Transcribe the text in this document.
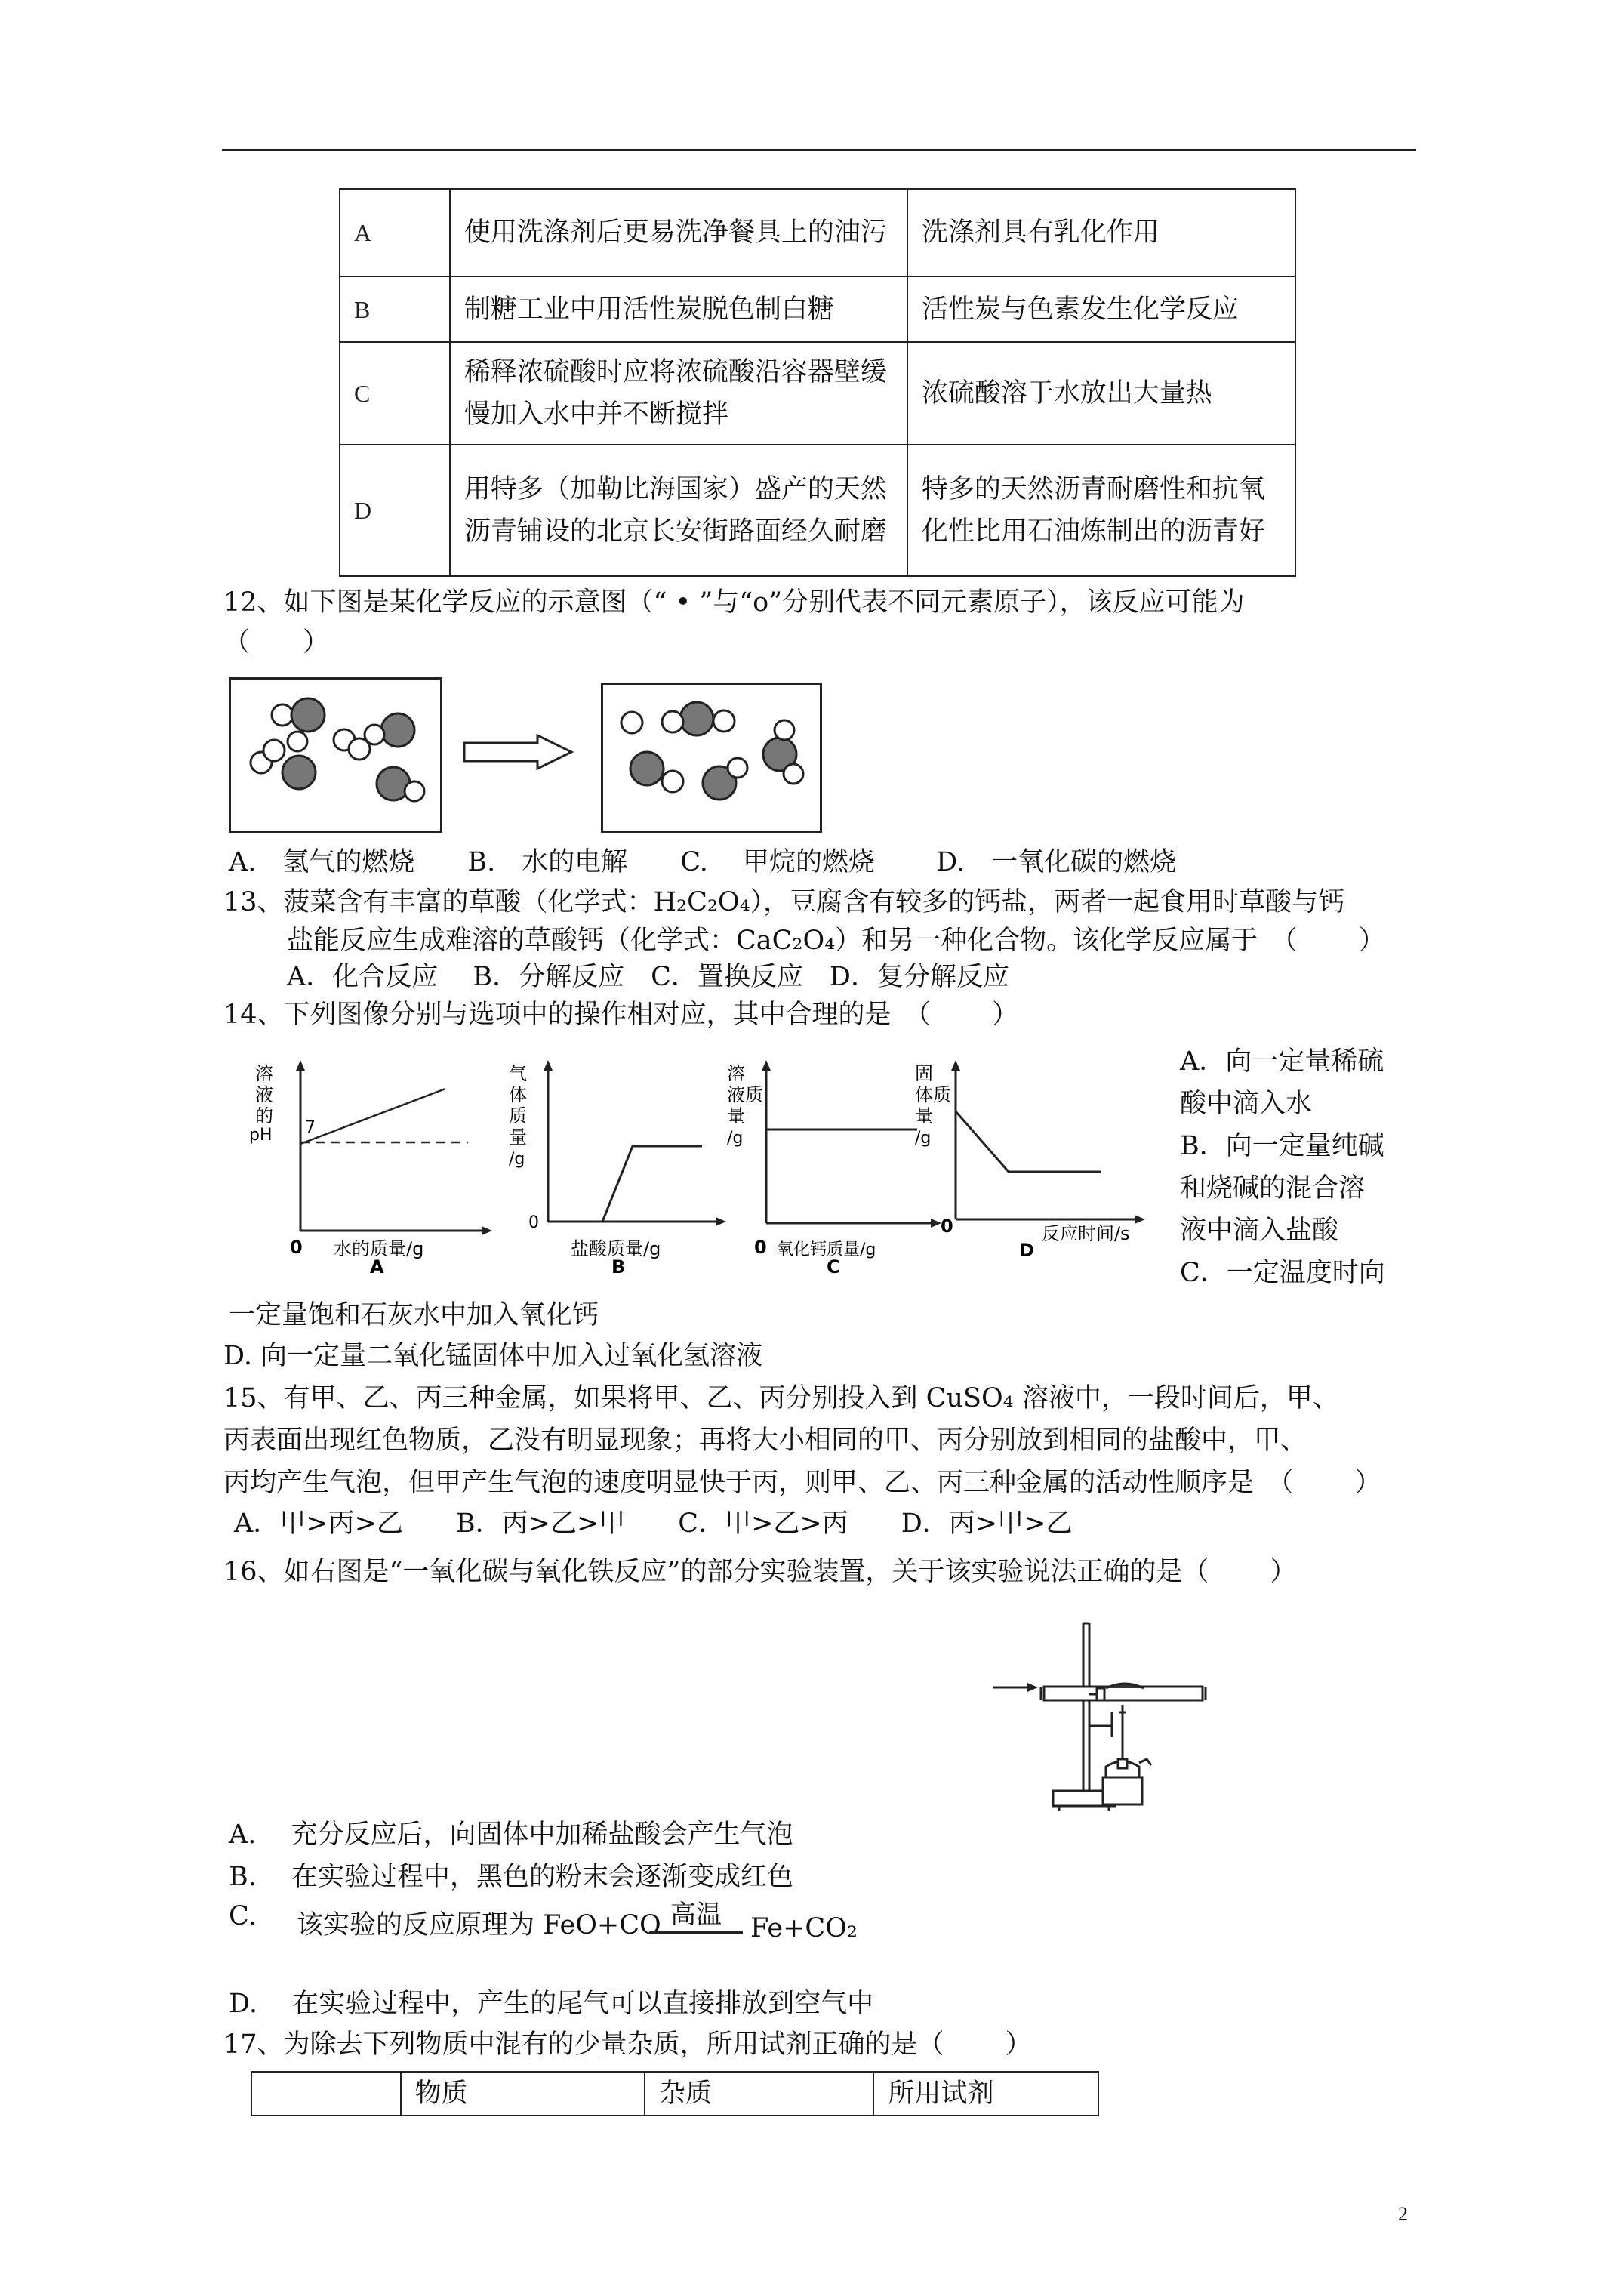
A	使用洗涤剂后更易洗净餐具上的油污	洗涤剂具有乳化作用
B	制糖工业中用活性炭脱色制白糖	活性炭与色素发生化学反应
C	稀释浓硫酸时应将浓硫酸沿容器壁缓慢加入水中并不断搅拌	浓硫酸溶于水放出大量热
D	用特多（加勒比海国家）盛产的天然沥青铺设的北京长安街路面经久耐磨	特多的天然沥青耐磨性和抗氧化性比用石油炼制出的沥青好
12、如下图是某化学反应的示意图（“ • ”与“o”分别代表不同元素原子），该反应可能为
（　　）
A.　氢气的燃烧　　B.　水的电解　　C.　 甲烷的燃烧　　 D.　一氧化碳的燃烧
13、菠菜含有丰富的草酸（化学式：H₂C₂O₄），豆腐含有较多的钙盐，两者一起食用时草酸与钙
盐能反应生成难溶的草酸钙（化学式：CaC₂O₄）和另一种化合物。该化学反应属于　（　　 ）
A．化合反应　 B．分解反应　C．置换反应　D．复分解反应
14、下列图像分别与选项中的操作相对应，其中合理的是　（　　 ）
溶
液
的
pH 7
0 水的质量/g
A
气
体
质
量
/g
0
盐酸质量/g
B
溶
液质
量
/g
0 氧化钙质量/g
C
固
体质
量
/g
0	反应时间/s
D
A．向一定量稀硫
酸中滴入水
B．向一定量纯碱
和烧碱的混合溶
液中滴入盐酸
C．一定温度时向
一定量饱和石灰水中加入氧化钙
D. 向一定量二氧化锰固体中加入过氧化氢溶液
15、有甲、乙、丙三种金属，如果将甲、乙、丙分别投入到 CuSO₄ 溶液中，一段时间后，甲、
丙表面出现红色物质，乙没有明显现象；再将大小相同的甲、丙分别放到相同的盐酸中，甲、
丙均产生气泡，但甲产生气泡的速度明显快于丙，则甲、乙、丙三种金属的活动性顺序是　（　　 ）
A．甲>丙>乙　　B．丙>乙>甲　　C．甲>乙>丙　　D．丙>甲>乙
16、如右图是“一氧化碳与氧化铁反应”的部分实验装置，关于该实验说法正确的是（　　 ）
A.　 充分反应后，向固体中加稀盐酸会产生气泡
B.　 在实验过程中，黑色的粉末会逐渐变成红色
C. 该实验的反应原理为 FeO+CO 高温	Fe+CO₂
D.　 在实验过程中，产生的尾气可以直接排放到空气中
17、为除去下列物质中混有的少量杂质，所用试剂正确的是（　　 ）
	物质	杂质	所用试剂
2
